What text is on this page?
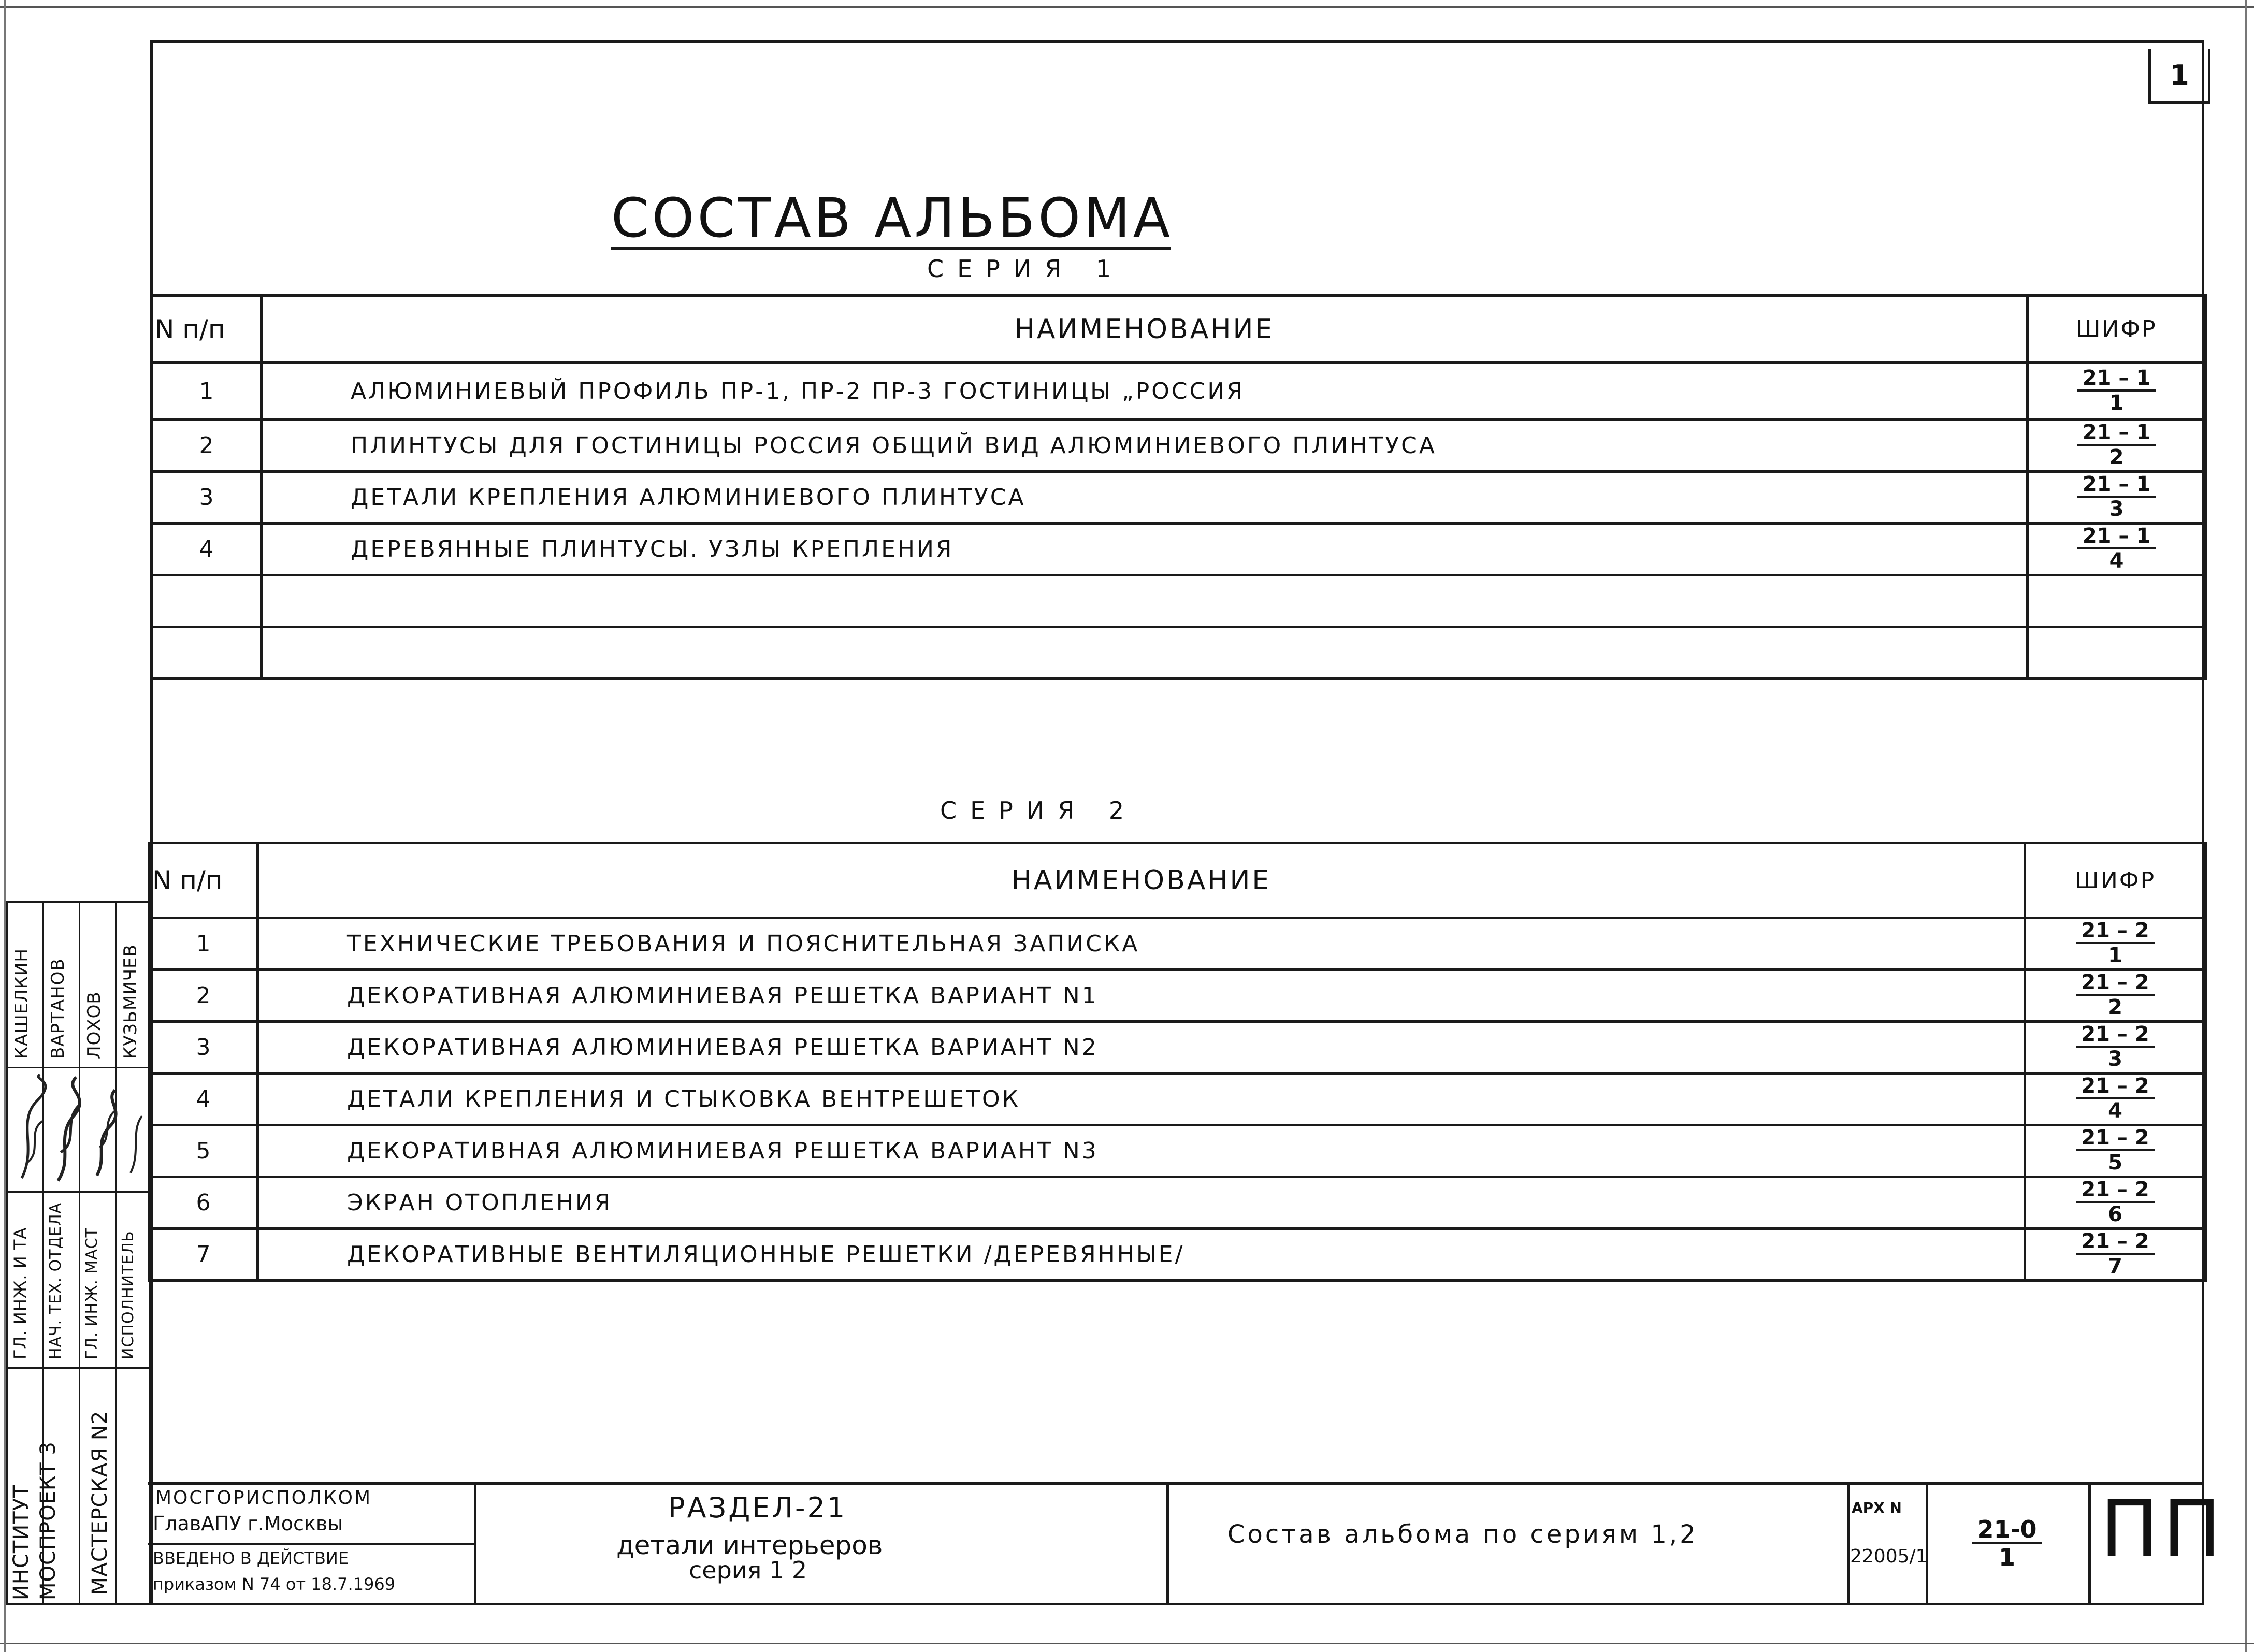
1
СОСТАВ АЛЬБОМА
СЕРИЯ 1
N п/п	НАИМЕНОВАНИЕ	ШИФР
1	АЛЮМИНИЕВЫЙ ПРОФИЛЬ ПР-1, ПР-2 ПР-3 ГОСТИНИЦЫ „РОССИЯ	$\frac{21 - 1}{1}$

2	ПЛИНТУСЫ ДЛЯ ГОСТИНИЦЫ РОССИЯ ОБЩИЙ ВИД АЛЮМИНИЕВОГО ПЛИНТУСА	$\frac{21 - 1}{2}$

3	ДЕТАЛИ КРЕПЛЕНИЯ АЛЮМИНИЕВОГО ПЛИНТУСА	$\frac{21 - 1}{3}$

4	ДЕРЕВЯННЫЕ ПЛИНТУСЫ. УЗЛЫ КРЕПЛЕНИЯ	$\frac{21 - 1}{4}$

СЕРИЯ 2
N п/п	НАИМЕНОВАНИЕ	ШИФР
1	ТЕХНИЧЕСКИЕ ТРЕБОВАНИЯ И ПОЯСНИТЕЛЬНАЯ ЗАПИСКА	$\frac{21 - 2}{1}$

2	ДЕКОРАТИВНАЯ АЛЮМИНИЕВАЯ РЕШЕТКА ВАРИАНТ N1	$\frac{21 - 2}{2}$

3	ДЕКОРАТИВНАЯ АЛЮМИНИЕВАЯ РЕШЕТКА ВАРИАНТ N2	$\frac{21 - 2}{3}$

4	ДЕТАЛИ КРЕПЛЕНИЯ И СТЫКОВКА ВЕНТРЕШЕТОК	$\frac{21 - 2}{4}$

5	ДЕКОРАТИВНАЯ АЛЮМИНИЕВАЯ РЕШЕТКА ВАРИАНТ N3	$\frac{21 - 2}{5}$

6	ЭКРАН ОТОПЛЕНИЯ	$\frac{21 - 2}{6}$

7	ДЕКОРАТИВНЫЕ ВЕНТИЛЯЦИОННЫЕ РЕШЕТКИ /ДЕРЕВЯННЫЕ/	$\frac{21 - 2}{7}$
КАШЕЛКИН ВАРТАНОВ ЛОХОВ КУЗЬМИЧЕВ
ГЛ. ИНЖ. И ТА НАЧ. ТЕХ. ОТДЕЛА ГЛ. ИНЖ. МАСТ ИСПОЛНИТЕЛЬ
ИНСТИТУТ МОСПРОЕКТ 3 МАСТЕРСКАЯ N2 МОСГОРИСПОЛКОМ
ГлавАПУ г.Москвы
ВВЕДЕНО В ДЕЙСТВИЕ
приказом N 74 от 18.7.1969
РАЗДЕЛ-21
детали интерьеров
серия 1 2
Состав альбома по сериям 1,2
АРХ N
$22005/1 \frac{21-0}{1}$ ПП
